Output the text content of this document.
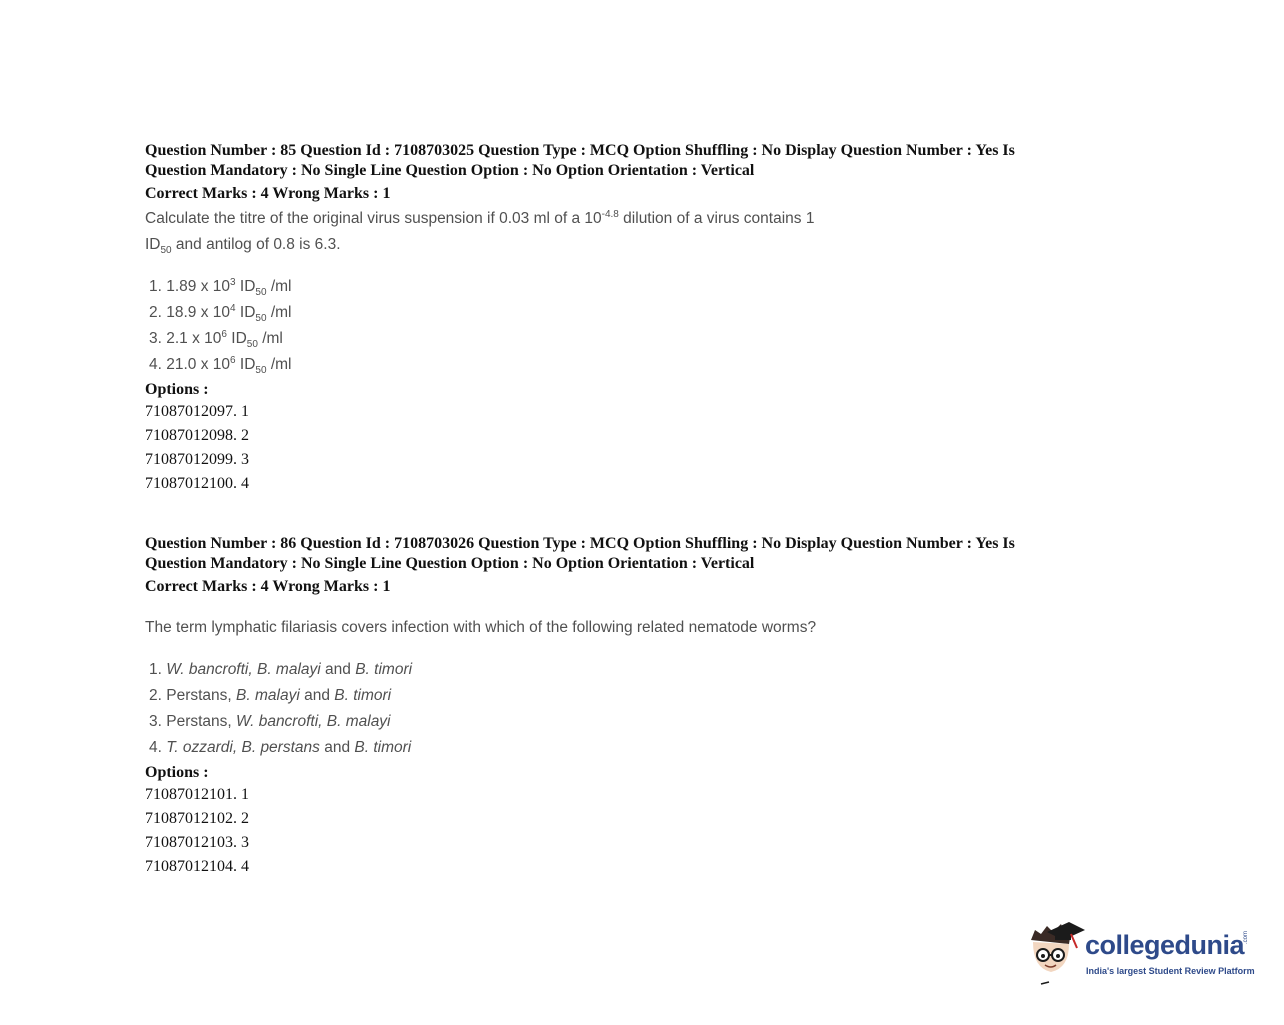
Question Number : 85 Question Id : 7108703025 Question Type : MCQ Option Shuffling : No Display Question Number : Yes Is

Question Mandatory : No Single Line Question Option : No Option Orientation : Vertical

Correct Marks : 4 Wrong Marks : 1

Calculate the titre of the original virus suspension if 0.03 ml of a $10^{-4.8}$ dilution of a virus contains 1 $ID_{50}$ and antilog of 0.8 is 6.3.

1. 1.89 x $10^3$ $ID_{50}$ /ml
2. 18.9 x $10^4$ $ID_{50}$ /ml
3. 2.1 x $10^6$ $ID_{50}$ /ml
4. 21.0 x $10^6$ $ID_{50}$ /ml

Options :

71087012097. 1

71087012098. 2

71087012099. 3

71087012100. 4

Question Number : 86 Question Id : 7108703026 Question Type : MCQ Option Shuffling : No Display Question Number : Yes Is

Question Mandatory : No Single Line Question Option : No Option Orientation : Vertical

Correct Marks : 4 Wrong Marks : 1

The term lymphatic filariasis covers infection with which of the following related nematode worms?

1. W. bancrofti, B. malayi and B. timori
2. Perstans, B. malayi and B. timori
3. Perstans, W. bancrofti, B. malayi
4. T. ozzardi, B. perstans and B. timori

Options :

71087012101. 1

71087012102. 2

71087012103. 3

71087012104. 4

collegedunia
.com
India's largest Student Review Platform
